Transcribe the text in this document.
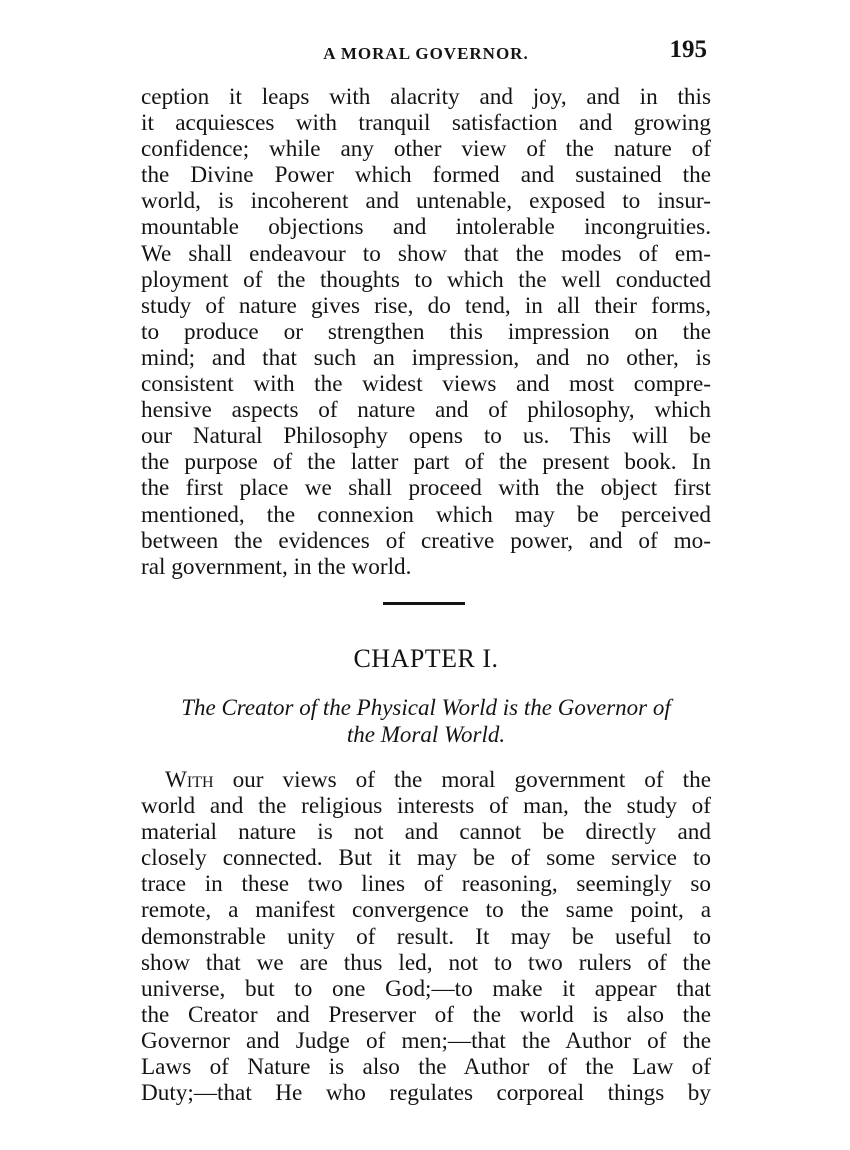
A MORAL GOVERNOR.	195
ception it leaps with alacrity and joy, and in this
it acquiesces with tranquil satisfaction and growing
confidence; while any other view of the nature of
the Divine Power which formed and sustained the
world, is incoherent and untenable, exposed to insur-
mountable objections and intolerable incongruities.
We shall endeavour to show that the modes of em-
ployment of the thoughts to which the well conducted
study of nature gives rise, do tend, in all their forms,
to produce or strengthen this impression on the
mind; and that such an impression, and no other, is
consistent with the widest views and most compre-
hensive aspects of nature and of philosophy, which
our Natural Philosophy opens to us. This will be
the purpose of the latter part of the present book. In
the first place we shall proceed with the object first
mentioned, the connexion which may be perceived
between the evidences of creative power, and of mo-
ral government, in the world.
CHAPTER I.
The Creator of the Physical World is the Governor of
the Moral World.
With our views of the moral government of the
world and the religious interests of man, the study of
material nature is not and cannot be directly and
closely connected. But it may be of some service to
trace in these two lines of reasoning, seemingly so
remote, a manifest convergence to the same point, a
demonstrable unity of result. It may be useful to
show that we are thus led, not to two rulers of the
universe, but to one God;—to make it appear that
the Creator and Preserver of the world is also the
Governor and Judge of men;—that the Author of the
Laws of Nature is also the Author of the Law of
Duty;—that He who regulates corporeal things by
